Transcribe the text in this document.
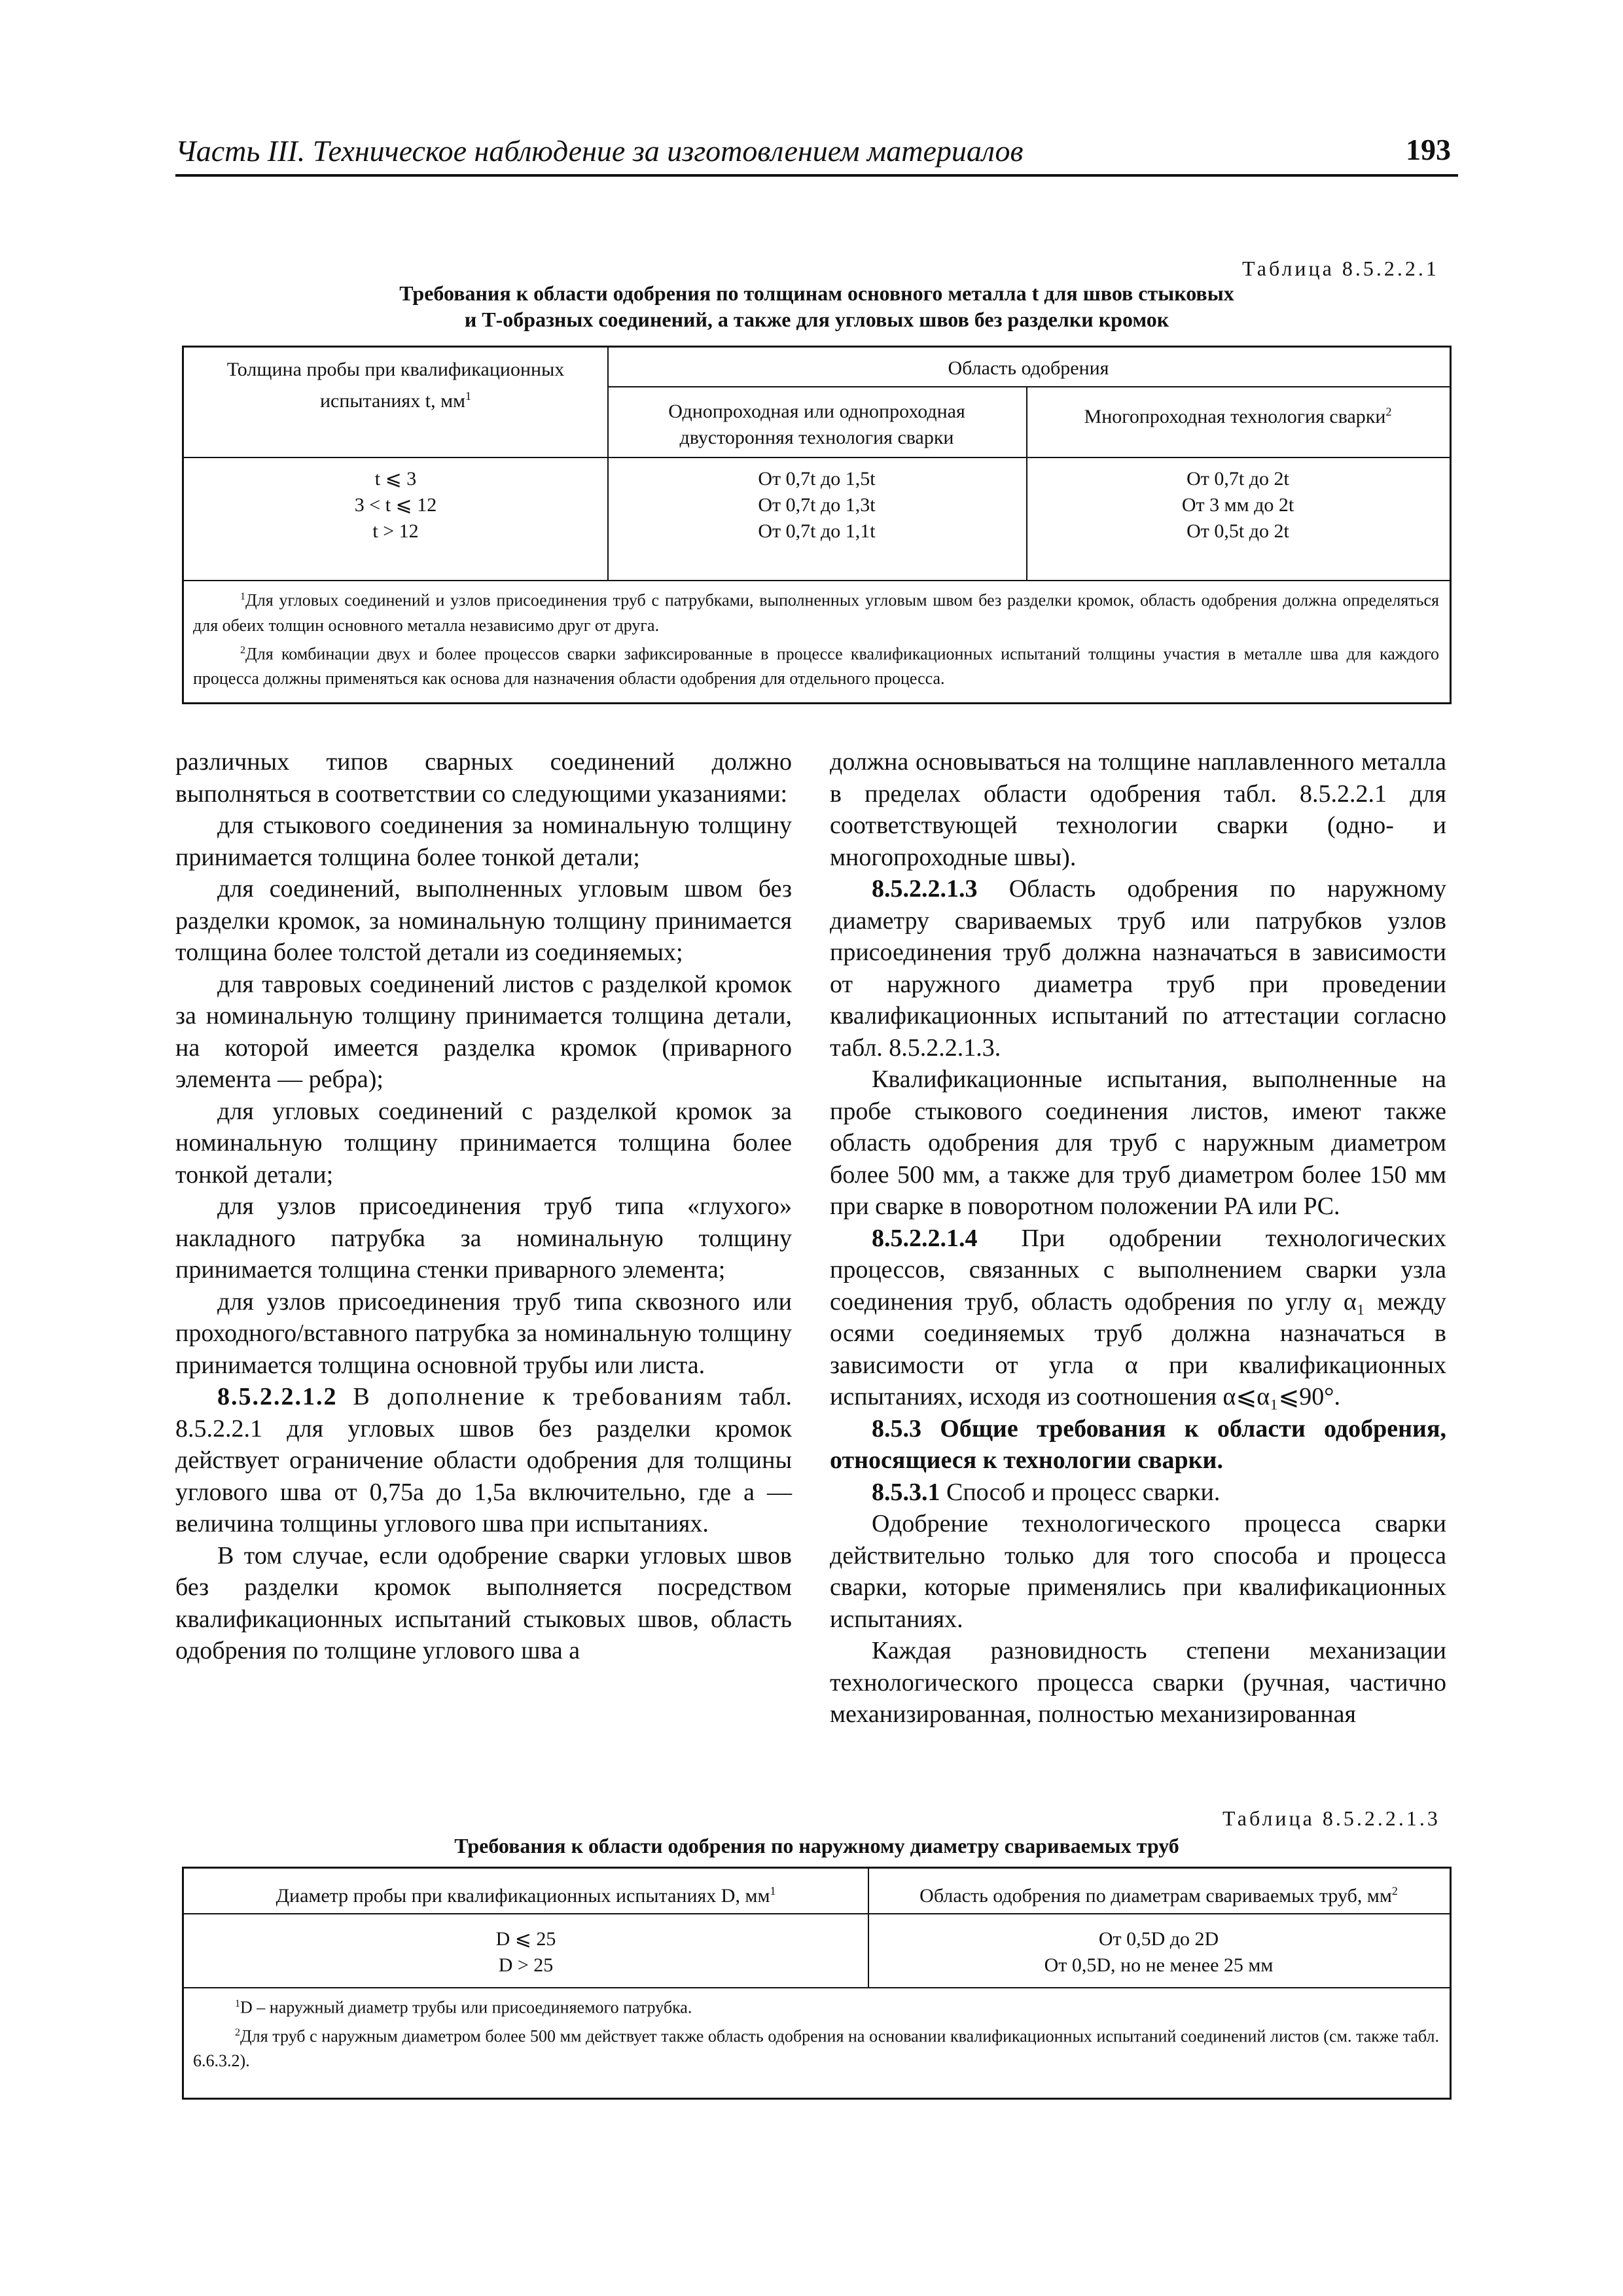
Часть III. Техническое наблюдение за изготовлением материалов	193
Таблица 8.5.2.2.1
Требования к области одобрения по толщинам основного металла t для швов стыковых
и Т-образных соединений, а также для угловых швов без разделки кромок
Толщина пробы при квалификационных
испытаниях t, $мм^1$
Область одобрения
Однопроходная или однопроходная
двусторонняя технология сварки
Многопроходная технология сварки$^2$
t ⩽ 3
3 < t ⩽ 12
t > 12
От 0,7t до 1,5t
От 0,7t до 1,3t
От 0,7t до 1,1t
От 0,7t до 2t
От 3 мм до 2t
От 0,5t до 2t
$^1$Для угловых соединений и узлов присоединения труб с патрубками, выполненных угловым швом без разделки кромок, область одобрения должна определяться для обеих толщин основного металла независимо друг от друга.
$^2$Для комбинации двух и более процессов сварки зафиксированные в процессе квалификационных испытаний толщины участия в металле шва для каждого процесса должны применяться как основа для назначения области одобрения для отдельного процесса.

различных типов сварных соединений должно выполняться в соответствии со следующими указаниями:

для стыкового соединения за номинальную толщину принимается толщина более тонкой детали;

для соединений, выполненных угловым швом без разделки кромок, за номинальную толщину принимается толщина более толстой детали из соединяемых;

для тавровых соединений листов с разделкой кромок за номинальную толщину принимается толщина детали, на которой имеется разделка кромок (приварного элемента — ребра);

для угловых соединений с разделкой кромок за номинальную толщину принимается толщина более тонкой детали;

для узлов присоединения труб типа «глухого» накладного патрубка за номинальную толщину принимается толщина стенки приварного элемента;

для узлов присоединения труб типа сквозного или проходного/вставного патрубка за номинальную толщину принимается толщина основной трубы или листа.

8.5.2.2.1.2 В дополнение к требованиям табл. 8.5.2.2.1 для угловых швов без разделки кромок действует ограничение области одобрения для толщины углового шва от 0,75a до 1,5a включительно, где a — величина толщины углового шва при испытаниях.

В том случае, если одобрение сварки угловых швов без разделки кромок выполняется посредством квалификационных испытаний стыковых швов, область одобрения по толщине углового шва a

должна основываться на толщине наплавленного металла в пределах области одобрения табл. 8.5.2.2.1 для соответствующей технологии сварки (одно- и многопроходные швы).

8.5.2.2.1.3 Область одобрения по наружному диаметру свариваемых труб или патрубков узлов присоединения труб должна назначаться в зависимости от наружного диаметра труб при проведении квалификационных испытаний по аттестации согласно табл. 8.5.2.2.1.3.

Квалификационные испытания, выполненные на пробе стыкового соединения листов, имеют также область одобрения для труб с наружным диаметром более 500 мм, а также для труб диаметром более 150 мм при сварке в поворотном положении PA или PC.

8.5.2.2.1.4 При одобрении технологических процессов, связанных с выполнением сварки узла соединения труб, область одобрения по углу α₁ между осями соединяемых труб должна назначаться в зависимости от угла α при квалификационных испытаниях, исходя из соотношения α⩽α₁⩽90°.

8.5.3 Общие требования к области одобрения, относящиеся к технологии сварки.

8.5.3.1 Способ и процесс сварки.

Одобрение технологического процесса сварки действительно только для того способа и процесса сварки, которые применялись при квалификационных испытаниях.

Каждая разновидность степени механизации технологического процесса сварки (ручная, частично механизированная, полностью механизированная

Таблица 8.5.2.2.1.3
Требования к области одобрения по наружному диаметру свариваемых труб
Диаметр пробы при квалификационных испытаниях D, $мм^1$	Область одобрения по диаметрам свариваемых труб, $мм^2$
D ⩽ 25
D > 25
От 0,5D до 2D
От 0,5D, но не менее 25 мм
$^1$D – наружный диаметр трубы или присоединяемого патрубка.
$^2$Для труб с наружным диаметром более 500 мм действует также область одобрения на основании квалификационных испытаний соединений листов (см. также табл. 6.6.3.2).
